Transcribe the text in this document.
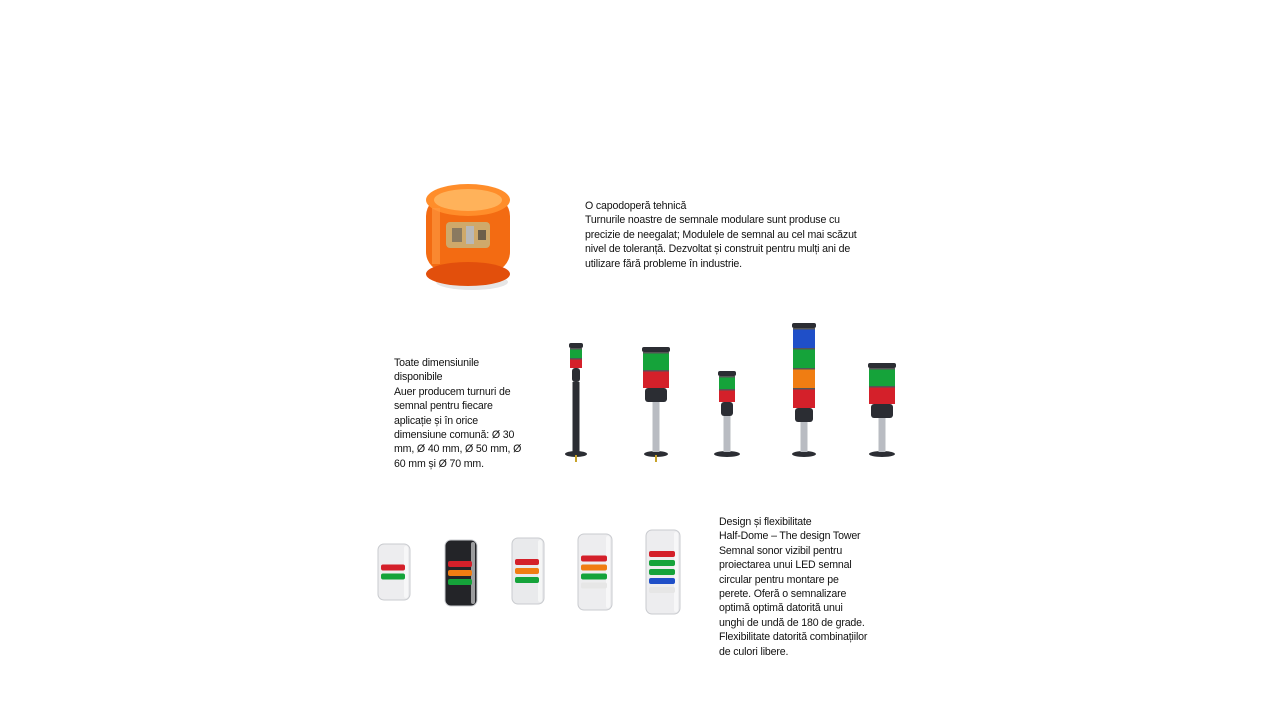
O capodoperă tehnică
Turnurile noastre de semnale modulare sunt produse cu
precizie de neegalat; Modulele de semnal au cel mai scăzut
nivel de toleranță. Dezvoltat și construit pentru mulți ani de
utilizare fără probleme în industrie.
Toate dimensiunile
disponibile
Auer producem turnuri de
semnal pentru fiecare
aplicație și în orice
dimensiune comună: Ø 30
mm, Ø 40 mm, Ø 50 mm, Ø
60 mm și Ø 70 mm.
Design și flexibilitate
Half-Dome – The design Tower
Semnal sonor vizibil pentru
proiectarea unui LED semnal
circular pentru montare pe
perete. Oferă o semnalizare
optimă optimă datorită unui
unghi de undă de 180 de grade.
Flexibilitate datorită combinațiilor
de culori libere.
